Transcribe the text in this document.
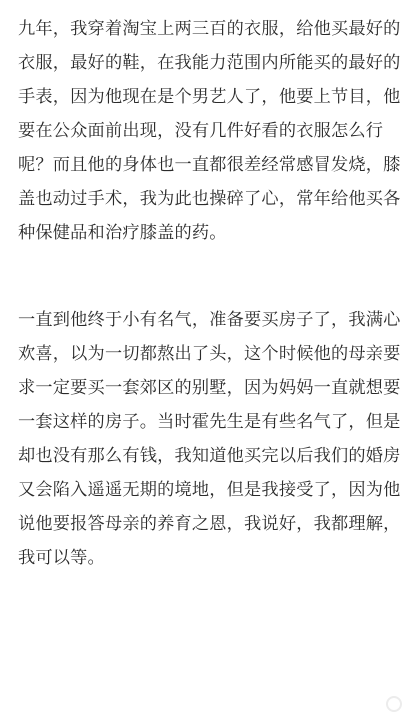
九年，我穿着淘宝上两三百的衣服，给他买最好的
衣服，最好的鞋，在我能力范围内所能买的最好的
手表，因为他现在是个男艺人了，他要上节目，他
要在公众面前出现，没有几件好看的衣服怎么行
呢？而且他的身体也一直都很差经常感冒发烧，膝
盖也动过手术，我为此也操碎了心，常年给他买各
种保健品和治疗膝盖的药。

一直到他终于小有名气，准备要买房子了，我满心
欢喜，以为一切都熬出了头，这个时候他的母亲要
求一定要买一套郊区的别墅，因为妈妈一直就想要
一套这样的房子。当时霍先生是有些名气了，但是
却也没有那么有钱，我知道他买完以后我们的婚房
又会陷入遥遥无期的境地，但是我接受了，因为他
说他要报答母亲的养育之恩，我说好，我都理解，
我可以等。
